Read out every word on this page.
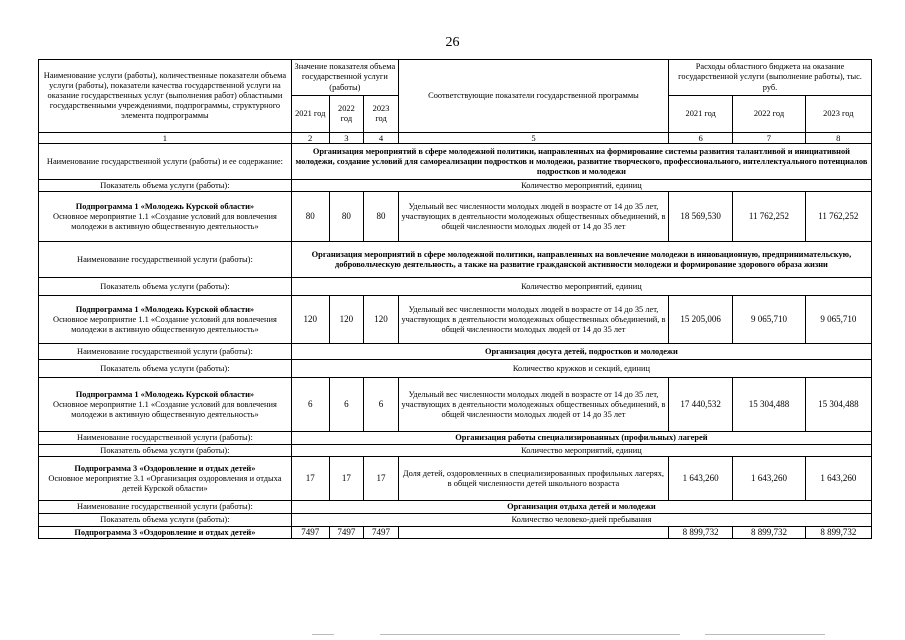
26
Наименование услуги (работы), количественные показатели объема услуги (работы), показатели качества государственной услуги на оказание государственных услуг (выполнения работ) областными государственными учреждениями, подпрограммы, структурного элемента подпрограммы	Значение показателя объема государственной услуги (работы)			Соответствующие показатели государственной программы	Расходы областного бюджета на оказание государственной услуги (выполнение работы), тыс. руб.		
	2021 год	2022 год	2023 год		2021 год	2022 год	2023 год
1	2	3	4	5	6	7	8
Наименование государственной услуги (работы) и ее содержание:	Организация мероприятий в сфере молодежной политики, направленных на формирование системы развития талантливой и инициативной молодежи, создание условий для самореализации подростков и молодежи, развитие творческого, профессионального, интеллектуального потенциалов подростков и молодежи						
Показатель объема услуги (работы):	Количество мероприятий, единиц						
Подпрограмма 1 «Молодежь Курской области»
Основное мероприятие 1.1 «Создание условий для вовлечения молодежи в активную общественную деятельность»	80	80	80	Удельный вес численности молодых людей в возрасте от 14 до 35 лет, участвующих в деятельности молодежных общественных объединений, в общей численности молодых людей от 14 до 35 лет	18 569,530	11 762,252	11 762,252
Наименование государственной услуги (работы):	Организация мероприятий в сфере молодежной политики, направленных на вовлечение молодежи в инновационную, предпринимательскую, добровольческую деятельность, а также на развитие гражданской активности молодежи и формирование здорового образа жизни						
Показатель объема услуги (работы):	Количество мероприятий, единиц						
Подпрограмма 1 «Молодежь Курской области»
Основное мероприятие 1.1 «Создание условий для вовлечения молодежи в активную общественную деятельность»	120	120	120	Удельный вес численности молодых людей в возрасте от 14 до 35 лет, участвующих в деятельности молодежных общественных объединений, в общей численности молодых людей от 14 до 35 лет	15 205,006	9 065,710	9 065,710
Наименование государственной услуги (работы):	Организация досуга детей, подростков и молодежи						
Показатель объема услуги (работы):	Количество кружков и секций, единиц						
Подпрограмма 1 «Молодежь Курской области»
Основное мероприятие 1.1 «Создание условий для вовлечения молодежи в активную общественную деятельность»	6	6	6	Удельный вес численности молодых людей в возрасте от 14 до 35 лет, участвующих в деятельности молодежных общественных объединений, в общей численности молодых людей от 14 до 35 лет	17 440,532	15 304,488	15 304,488
Наименование государственной услуги (работы):	Организация работы специализированных (профильных) лагерей						
Показатель объема услуги (работы):	Количество мероприятий, единиц						
Подпрограмма 3 «Оздоровление и отдых детей»
Основное мероприятие 3.1 «Организация оздоровления и отдыха детей Курской области»	17	17	17	Доля детей, оздоровленных в специализированных профильных лагерях, в общей численности детей школьного возраста	1 643,260	1 643,260	1 643,260
Наименование государственной услуги (работы):	Организация отдыха детей и молодежи						
Показатель объема услуги (работы):	Количество человеко-дней пребывания						
Подпрограмма 3 «Оздоровление и отдых детей»	7497	7497	7497		8 899,732	8 899,732	8 899,732
